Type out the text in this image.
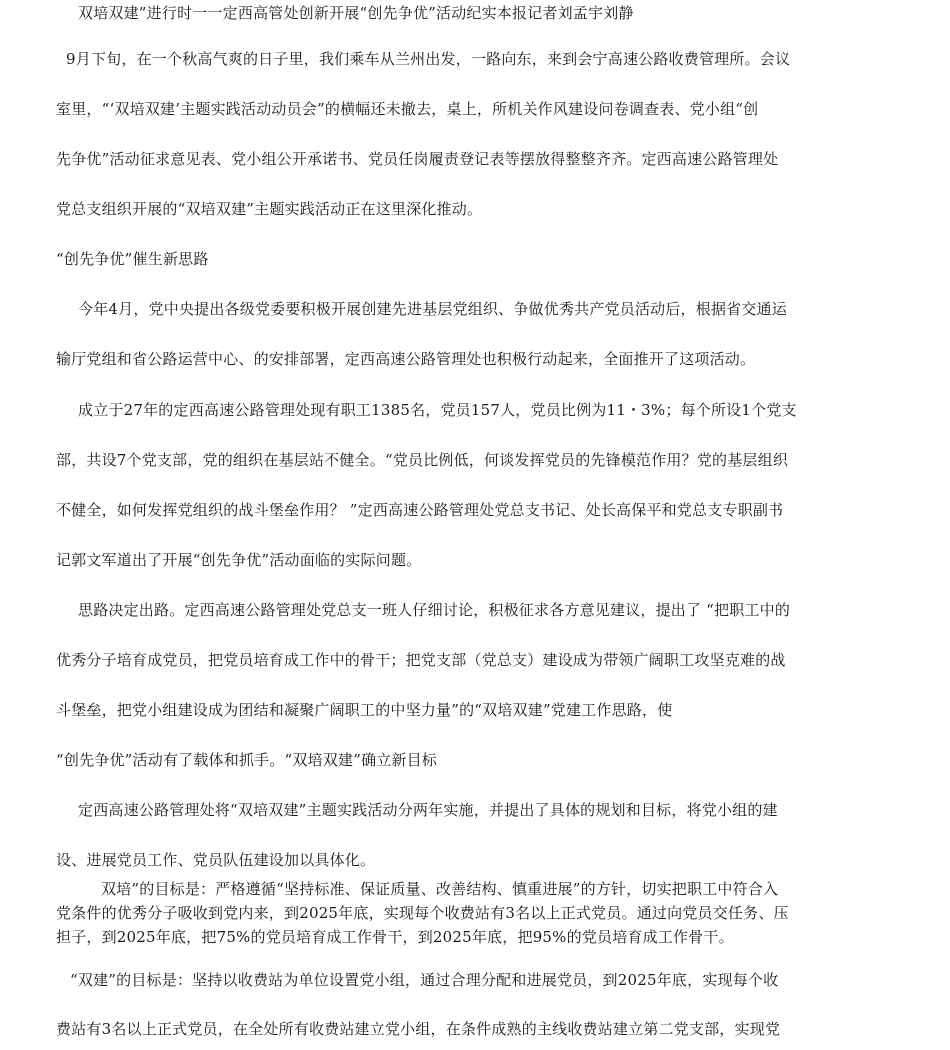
双培双建”进行时一一定西高管处创新开展“创先争优”活动纪实本报记者刘孟宇刘静
9月下旬，在一个秋高气爽的日子里，我们乘车从兰州出发，一路向东，来到会宁高速公路收费管理所。会议
室里，“‘双培双建’主题实践活动动员会”的横幅还未撤去，桌上，所机关作风建设问卷调查表、党小组“创
先争优”活动征求意见表、党小组公开承诺书、党员任岗履责登记表等摆放得整整齐齐。定西高速公路管理处
党总支组织开展的“双培双建”主题实践活动正在这里深化推动。
“创先争优”催生新思路
今年4月，党中央提出各级党委要积极开展创建先进基层党组织、争做优秀共产党员活动后，根据省交通运
输厅党组和省公路运营中心、的安排部署，定西高速公路管理处也积极行动起来，全面推开了这项活动。
成立于27年的定西高速公路管理处现有职工1385名，党员157人，党员比例为11・3%；每个所设1个党支
部，共设7个党支部，党的组织在基层站不健全。“党员比例低，何谈发挥党员的先锋模范作用？党的基层组织
不健全，如何发挥党组织的战斗堡垒作用？ ”定西高速公路管理处党总支书记、处长高保平和党总支专职副书
记郭文军道出了开展“创先争优”活动面临的实际问题。
思路决定出路。定西高速公路管理处党总支一班人仔细讨论，积极征求各方意见建议，提出了 “把职工中的
优秀分子培育成党员，把党员培育成工作中的骨干；把党支部（党总支）建设成为带领广阔职工攻坚克难的战
斗堡垒，把党小组建设成为团结和凝聚广阔职工的中坚力量”的“双培双建”党建工作思路，使
“创先争优”活动有了载体和抓手。“双培双建”确立新目标
定西高速公路管理处将“双培双建”主题实践活动分两年实施，并提出了具体的规划和目标，将党小组的建
设、进展党员工作、党员队伍建设加以具体化。
双培”的目标是：严格遵循“坚持标准、保证质量、改善结构、慎重进展”的方针，切实把职工中符合入
党条件的优秀分子吸收到党内来，到2025年底，实现每个收费站有3名以上正式党员。通过向党员交任务、压
担子，到2025年底，把75%的党员培育成工作骨干，到2025年底，把95%的党员培育成工作骨干。
“双建”的目标是：坚持以收费站为单位设置党小组，通过合理分配和进展党员，到2025年底，实现每个收
费站有3名以上正式党员，在全处所有收费站建立党小组，在条件成熟的主线收费站建立第二党支部，实现党
